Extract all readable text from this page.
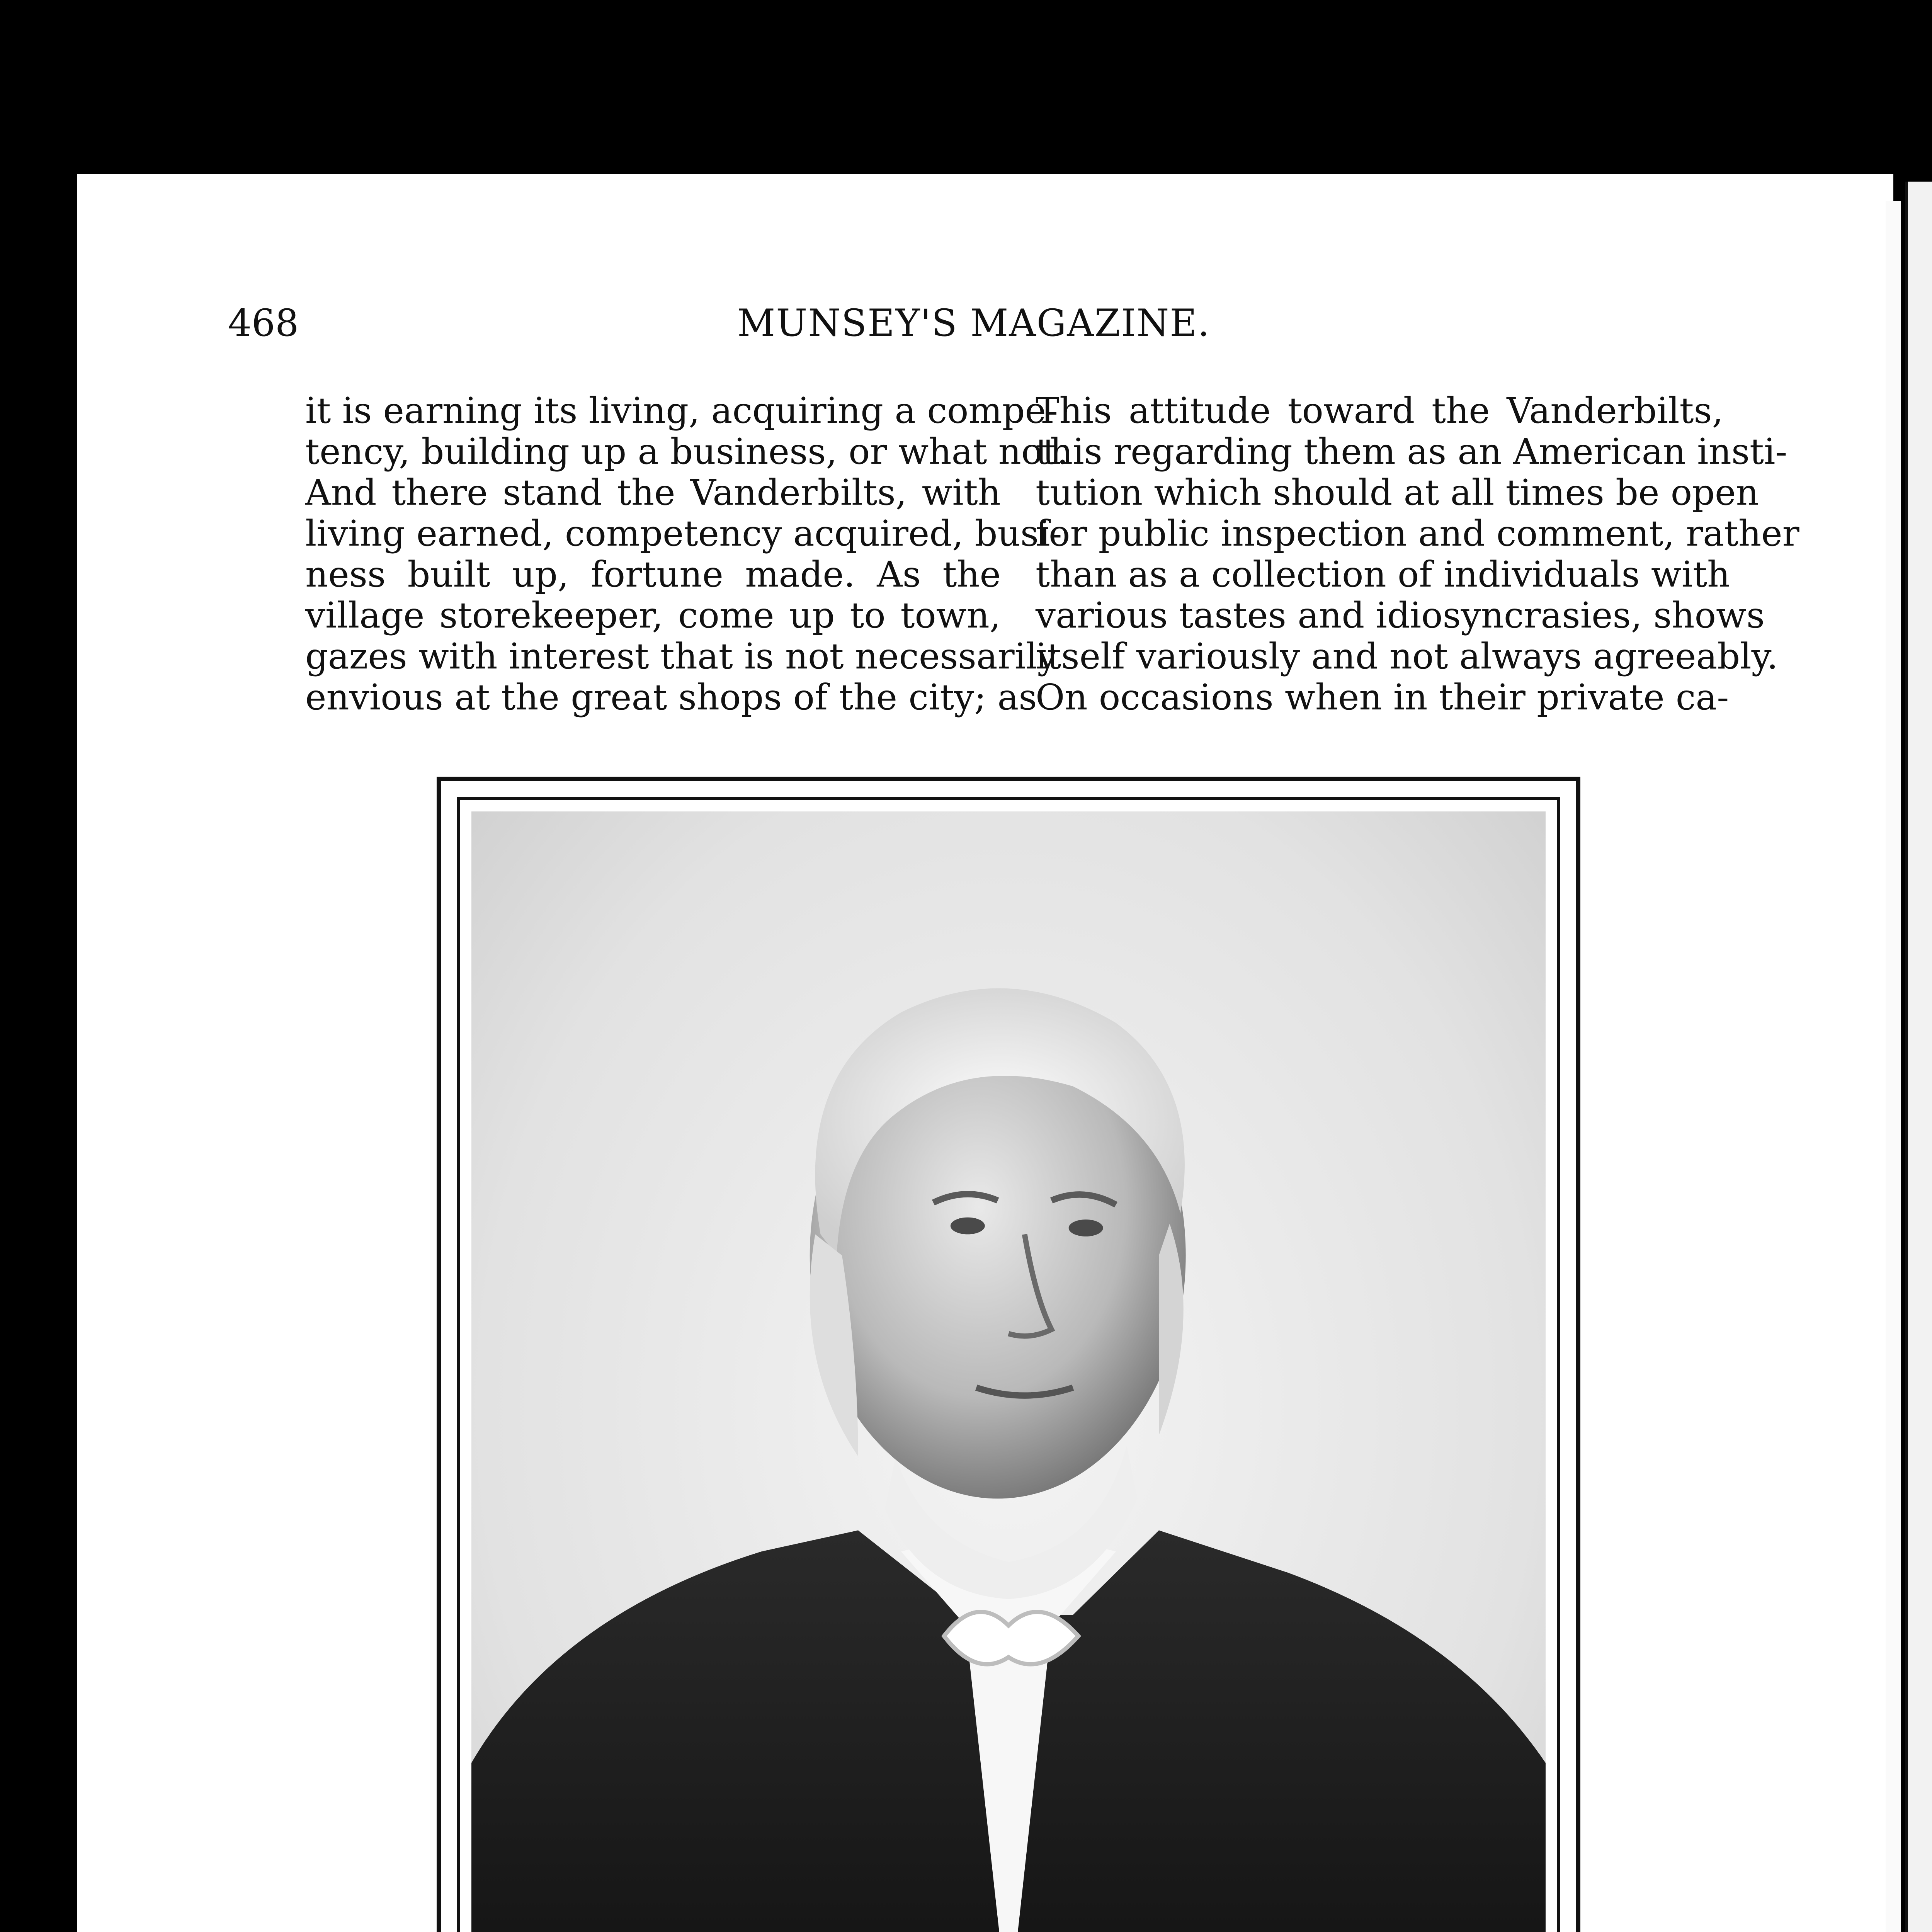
468	MUNSEY'S MAGAZINE.
it is earning its living, acquiring a compe-
tency, building up a business, or what not.
And there stand the Vanderbilts, with
living earned, competency acquired, busi-
ness built up, fortune made. As the
village storekeeper, come up to town,
gazes with interest that is not necessarily
envious at the great shops of the city; as
This attitude toward the Vanderbilts,
this regarding them as an American insti-
tution which should at all times be open
for public inspection and comment, rather
than as a collection of individuals with
various tastes and idiosyncrasies, shows
itself variously and not always agreeably.
On occasions when in their private ca-
